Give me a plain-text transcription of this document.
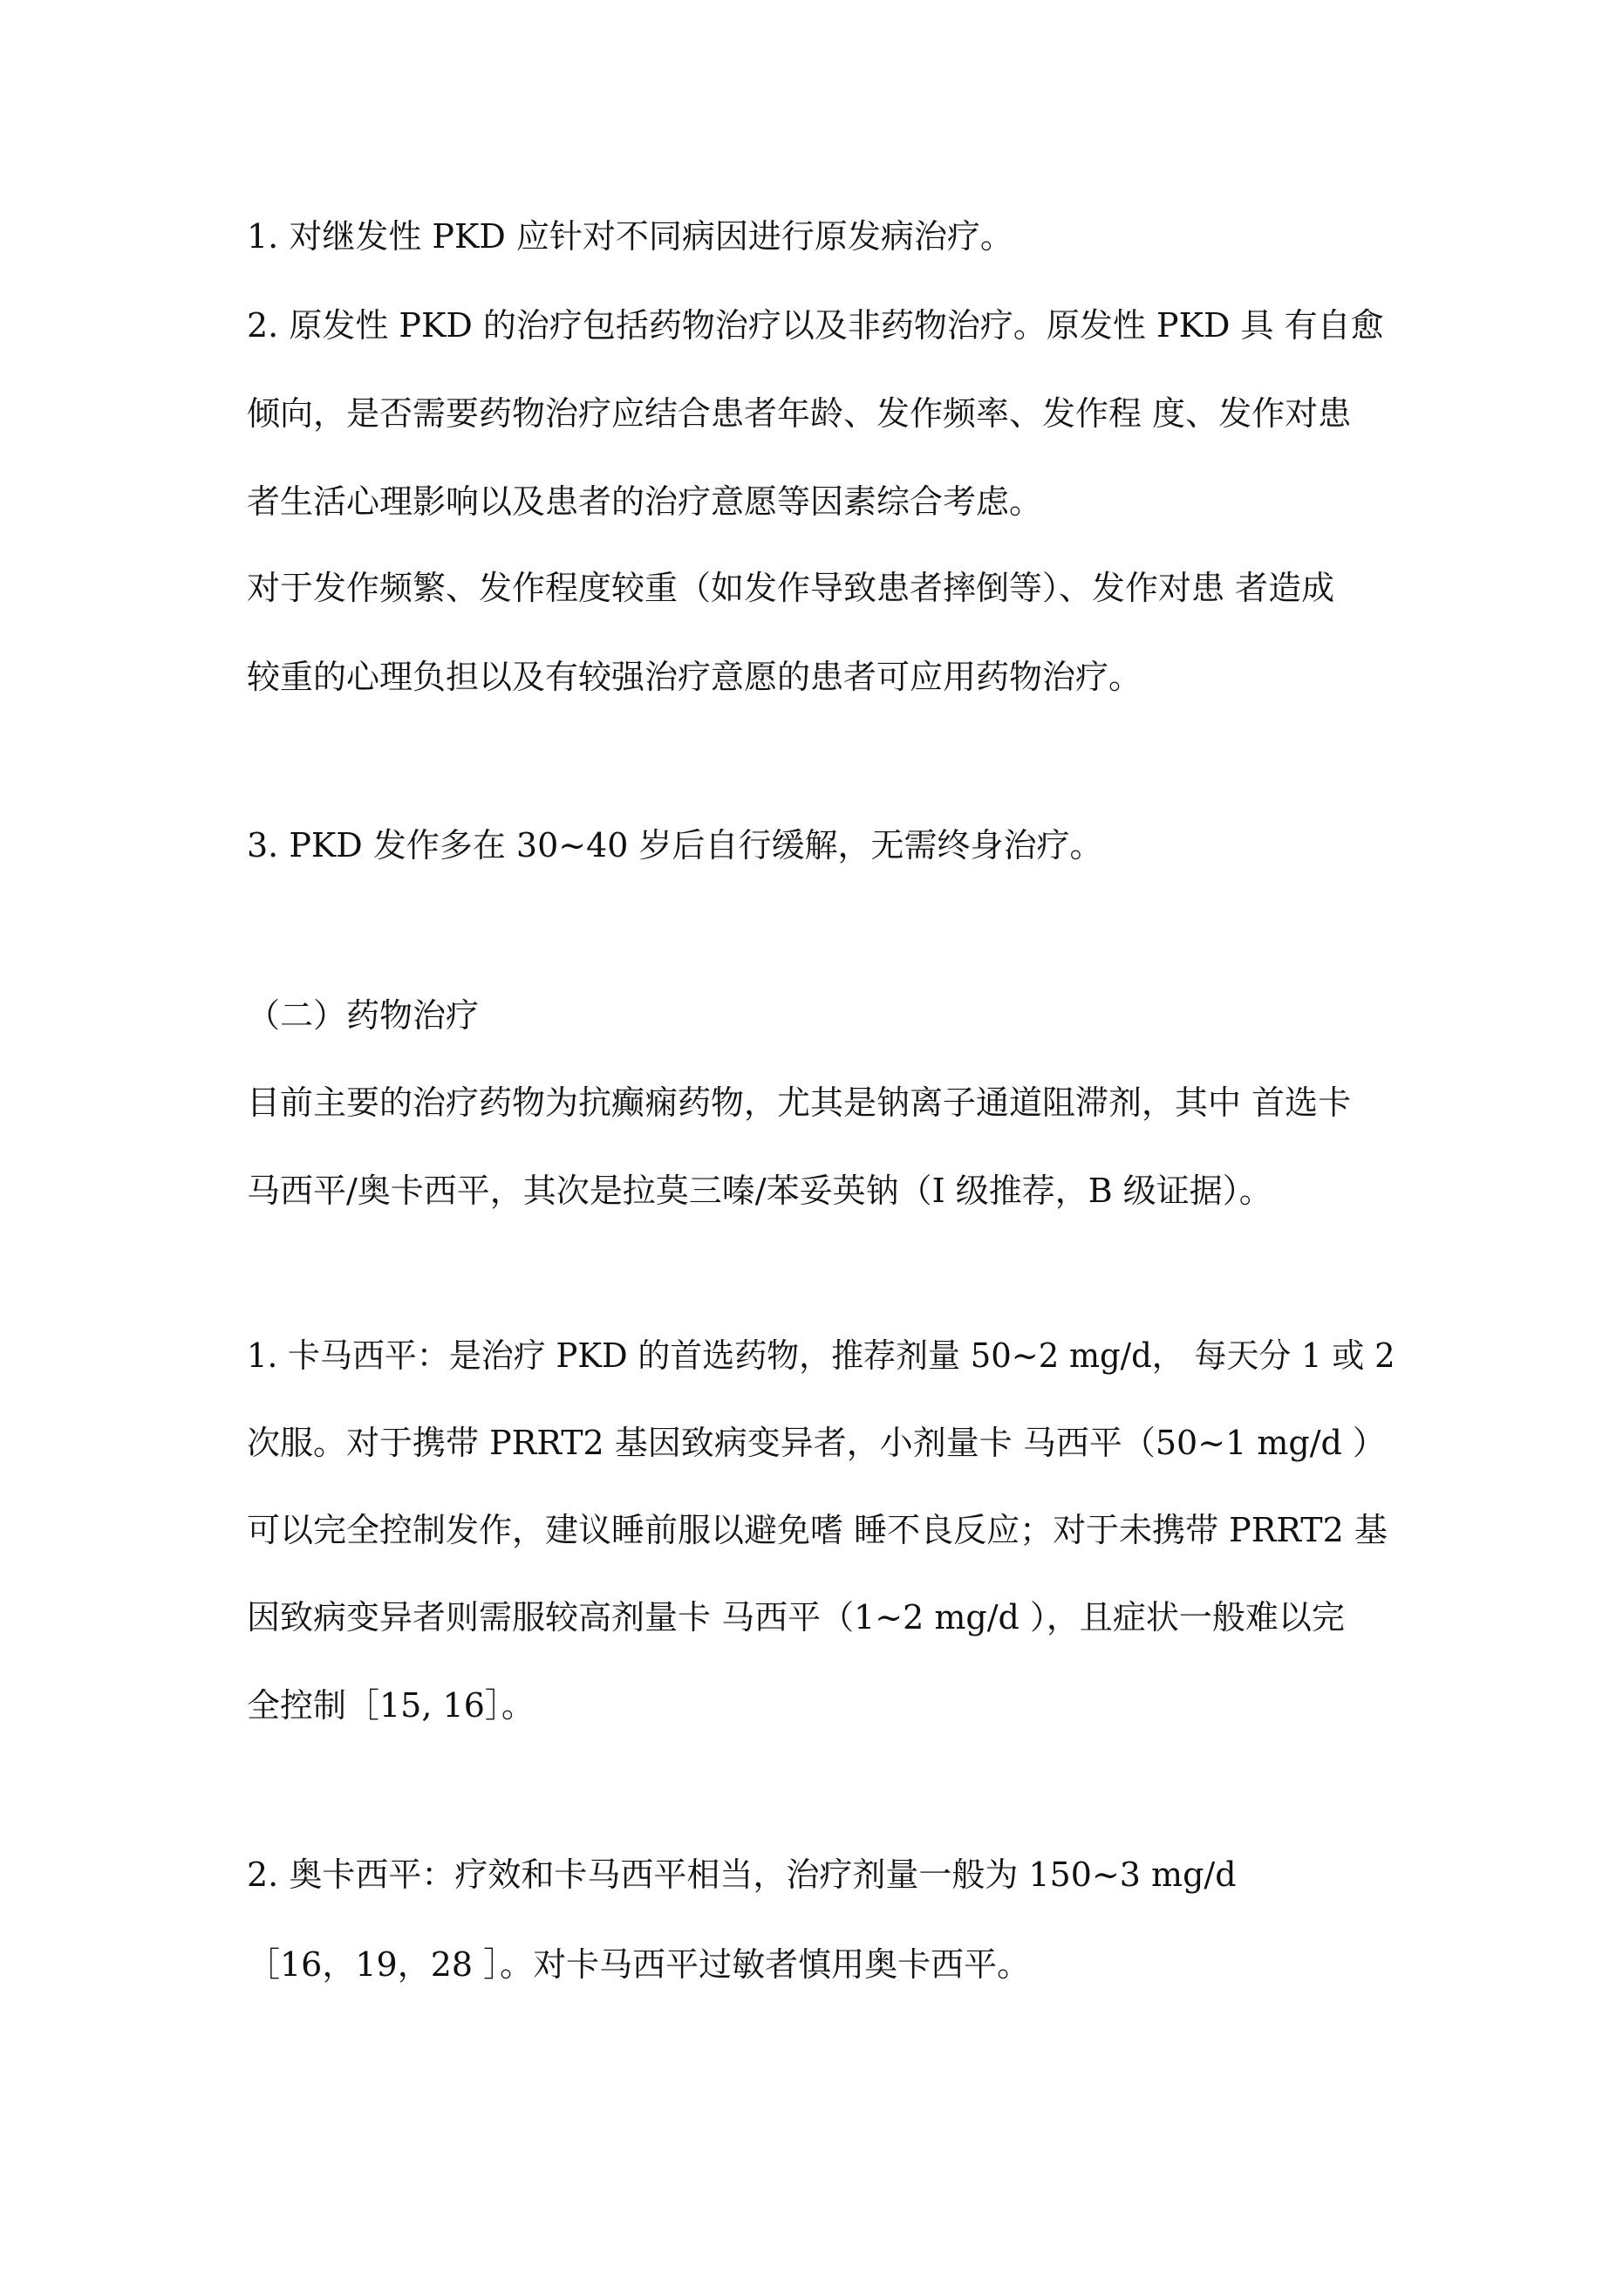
1. 对继发性 PKD 应针对不同病因进行原发病治疗。
2. 原发性 PKD 的治疗包括药物治疗以及非药物治疗。原发性 PKD 具 有自愈
倾向，是否需要药物治疗应结合患者年龄、发作频率、发作程 度、发作对患
者生活心理影响以及患者的治疗意愿等因素综合考虑。
对于发作频繁、发作程度较重（如发作导致患者摔倒等）、发作对患 者造成
较重的心理负担以及有较强治疗意愿的患者可应用药物治疗。
3. PKD 发作多在 30~40 岁后自行缓解，无需终身治疗。
（二）药物治疗
目前主要的治疗药物为抗癫痫药物，尤其是钠离子通道阻滞剂，其中 首选卡
马西平/奥卡西平，其次是拉莫三嗪/苯妥英钠（I 级推荐，B 级证据）。
1. 卡马西平：是治疗 PKD 的首选药物，推荐剂量 50~2 mg/d， 每天分 1 或 2
次服。对于携带 PRRT2 基因致病变异者，小剂量卡 马西平（50~1 mg/d ）
可以完全控制发作，建议睡前服以避免嗜 睡不良反应；对于未携带 PRRT2 基
因致病变异者则需服较高剂量卡 马西平（1~2 mg/d ），且症状一般难以完
全控制［15, 16］。
2. 奥卡西平：疗效和卡马西平相当，治疗剂量一般为 150~3 mg/d
［16，19，28 ］。对卡马西平过敏者慎用奥卡西平。
